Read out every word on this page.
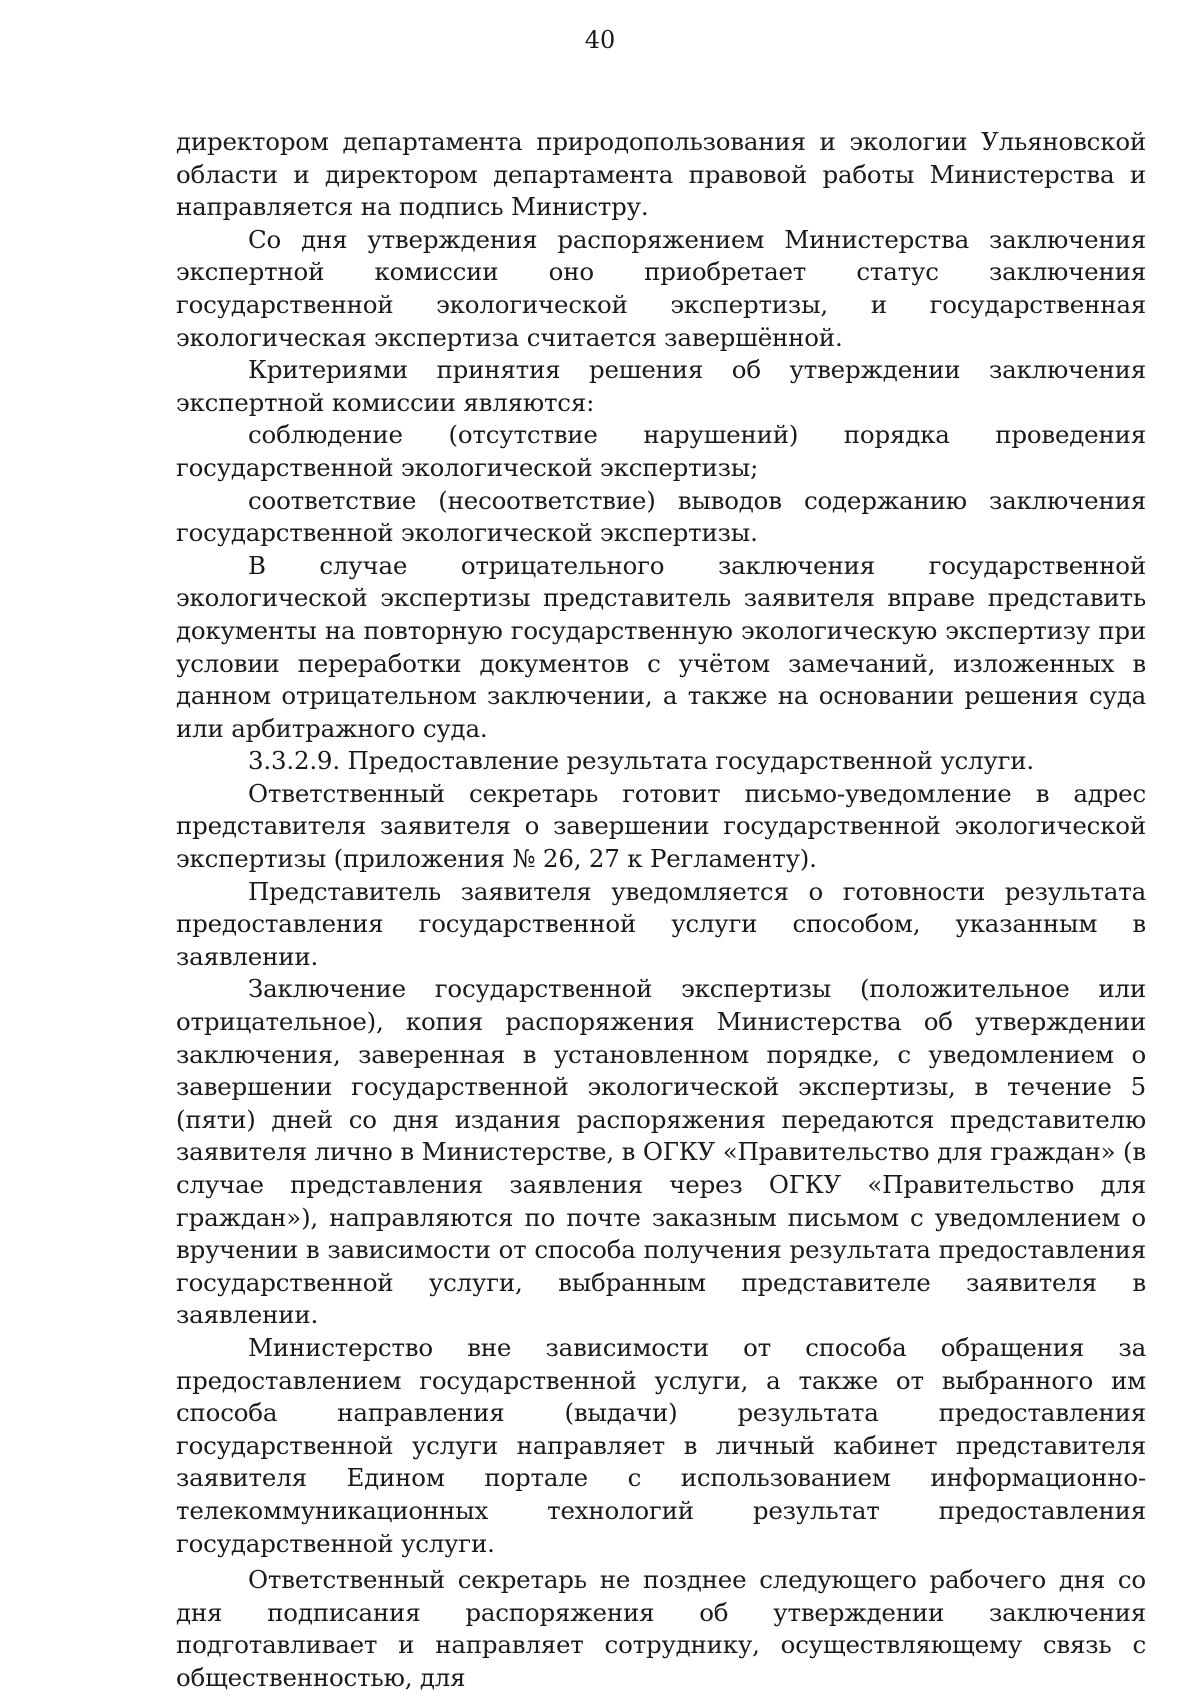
40

директором департамента природопользования и экологии Ульяновской области и директором департамента правовой работы Министерства и направляется на подпись Министру.

Со дня утверждения распоряжением Министерства заключения экспертной комиссии оно приобретает статус заключения государственной экологической экспертизы, и государственная экологическая экспертиза считается завершённой.

Критериями принятия решения об утверждении заключения экспертной комиссии являются:

соблюдение (отсутствие нарушений) порядка проведения государственной экологической экспертизы;

соответствие (несоответствие) выводов содержанию заключения государственной экологической экспертизы.

В случае отрицательного заключения государственной экологической экспертизы представитель заявителя вправе представить документы на повторную государственную экологическую экспертизу при условии переработки документов с учётом замечаний, изложенных в данном отрицательном заключении, а также на основании решения суда или арбитражного суда.

3.3.2.9. Предоставление результата государственной услуги.

Ответственный секретарь готовит письмо-уведомление в адрес представителя заявителя о завершении государственной экологической экспертизы (приложения № 26, 27 к Регламенту).

Представитель заявителя уведомляется о готовности результата предоставления государственной услуги способом, указанным в заявлении.

Заключение государственной экспертизы (положительное или отрицательное), копия распоряжения Министерства об утверждении заключения, заверенная в установленном порядке, с уведомлением о завершении государственной экологической экспертизы, в течение 5 (пяти) дней со дня издания распоряжения передаются представителю заявителя лично в Министерстве, в ОГКУ «Правительство для граждан» (в случае представления заявления через ОГКУ «Правительство для граждан»), направляются по почте заказным письмом с уведомлением о вручении в зависимости от способа получения результата предоставления государственной услуги, выбранным представителе заявителя в заявлении.

Министерство вне зависимости от способа обращения за предоставлением государственной услуги, а также от выбранного им способа направления (выдачи) результата предоставления государственной услуги направляет в личный кабинет представителя заявителя Едином портале с использованием информационно-телекоммуникационных технологий результат предоставления государственной услуги.

Ответственный секретарь не позднее следующего рабочего дня со дня подписания распоряжения об утверждении заключения подготавливает и направляет сотруднику, осуществляющему связь с общественностью, для
